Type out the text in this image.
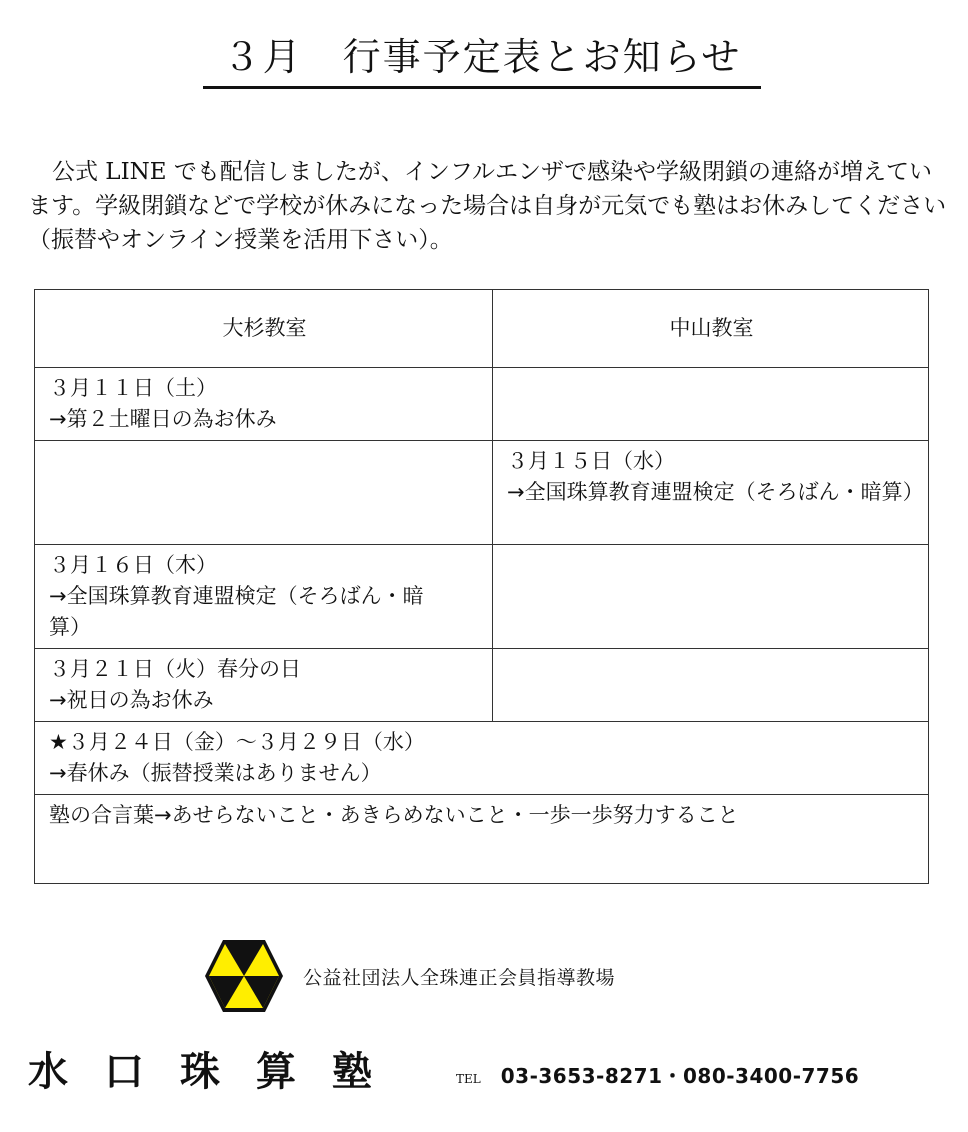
３月　行事予定表とお知らせ

公式 LINE でも配信しましたが、インフルエンザで感染や学級閉鎖の連絡が増えています。学級閉鎖などで学校が休みになった場合は自身が元気でも塾はお休みしてください（振替やオンライン授業を活用下さい）。

大杉教室	中山教室

３月１１日（土）
→第２土曜日の為お休み	

	３月１５日（水）
→全国珠算教育連盟検定（そろばん・暗算）

３月１６日（木）
→全国珠算教育連盟検定（そろばん・暗算）	

３月２１日（火）春分の日
→祝日の為お休み	

★３月２４日（金）～３月２９日（水）
→春休み（振替授業はありません）	

塾の合言葉→あせらないこと・あきらめないこと・一歩一歩努力すること	
公益社団法人全珠連正会員指導教場
水口珠算塾	TEL 03-3653-8271・080-3400-7756
